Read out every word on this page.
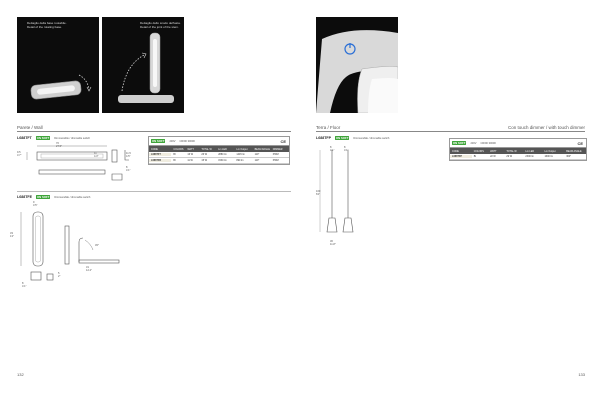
Dettaglio della base ruotabile.
Detail of the rotating base.
Dettaglio dello snodo dell'asta.
Detail of the joint of the stem.
Parete / Wall
L688TFT	ON SOFT	Dimmerabile / dimmable switch
70
27.5"
9.5
3.7"
11
4.3"
11.5
4.5"
8
3.1"
ON SOFT	230V CRI90 3000K	CE
CODE	COLORS	WATT	TOTAL W	Lm LED	Lm Output	BEAM ANGLE	DIMMER
L688TFT	BI	16 W	26 W	2880 lm	1445 lm	110°	PWM
L688TFB	BI	11 W	15 W	1530 lm	890 lm	110°	PWM
L688TFE	ON SOFT	Dimmerabile / dimmable switch
9
3.5"
33
13"
31
12.2"
45°
8
3.1"
5
2"
132
Terra / Floor	Con touch dimmer / with touch dimmer
L688TFP	ON SOFT	Dimmerabile / dimmable switch
8
3.1"
8
3.1"
160
63"
30
11.8"
ON SOFT	230V CRI90 3000K	CE
CODE	COLORS	WATT	TOTAL W	Lm LED	Lm Output	BEAM ANGLE
L688TFP	BI	22 W	29 W	2300 lm	1600 lm	360°
133
